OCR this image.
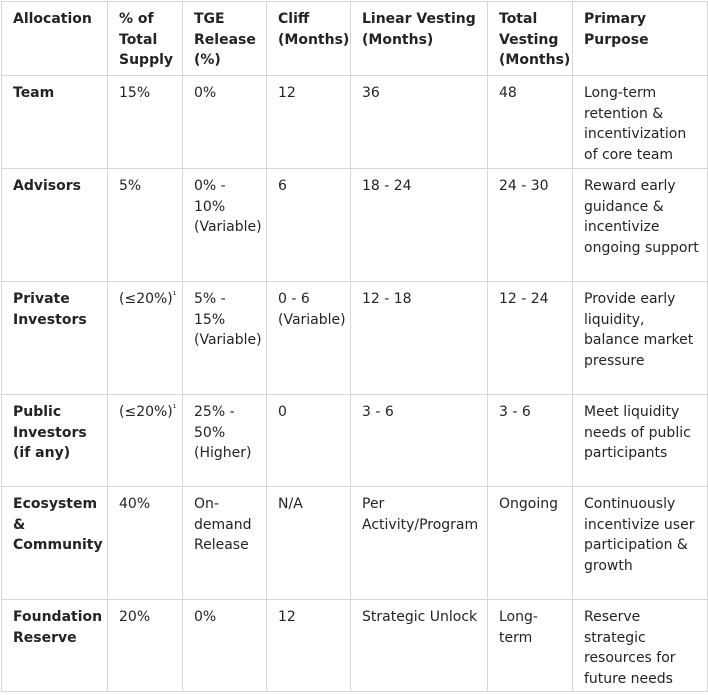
Allocation	% of Total Supply	TGE Release (%)	Cliff (Months)	Linear Vesting (Months)	Total Vesting (Months)	Primary Purpose
Team	15%	0%	12	36	48	Long-term retention & incentivization of core team
Advisors	5%	0% - 10% (Variable)	6	18 - 24	24 - 30	Reward early guidance & incentivize ongoing support
Private Investors	(≤20%)$^{^1}$	5% - 15% (Variable)	0 - 6 (Variable)	12 - 18	12 - 24	Provide early liquidity, balance market pressure
Public Investors (if any)	(≤20%)$^{^1}$	25% - 50% (Higher)	0	3 - 6	3 - 6	Meet liquidity needs of public participants
Ecosystem & Community	40%	On-demand Release	N/A	Per Activity/Program	Ongoing	Continuously incentivize user participation & growth
Foundation Reserve	20%	0%	12	Strategic Unlock	Long-term	Reserve strategic resources for future needs
